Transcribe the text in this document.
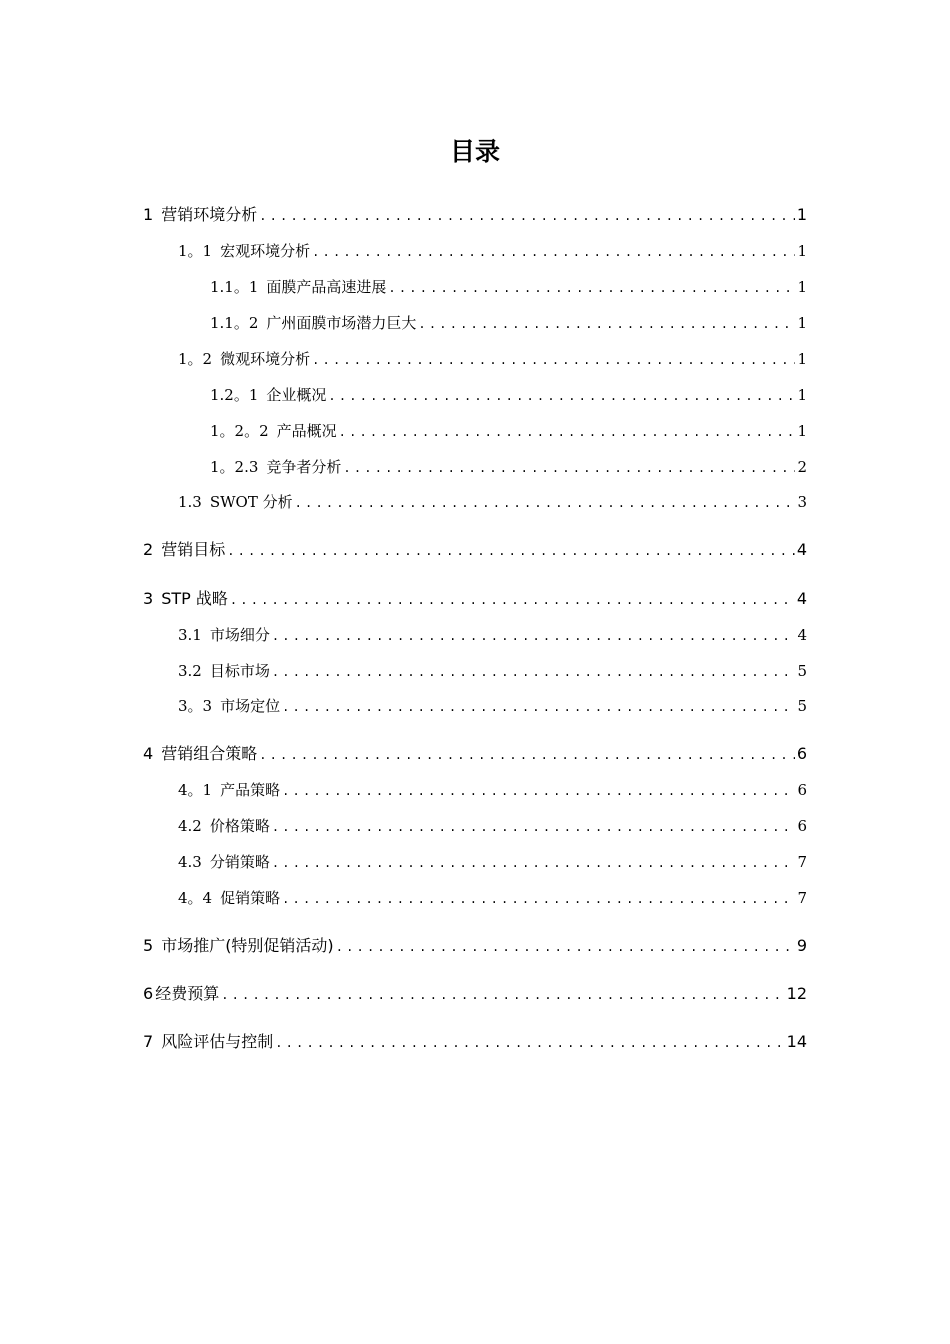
目录
1 营销环境分析 .....	1
1。1 宏观环境分析 .....	1
1.1。1 面膜产品高速进展 .....	1
1.1。2 广州面膜市场潜力巨大 .....	1
1。2 微观环境分析 .....	1
1.2。1 企业概况 .....	1
1。2。2 产品概况 .....	1
1。2.3 竞争者分析 .....	2
1.3 SWOT 分析 .....	3
2 营销目标 .....	4
3 STP 战略 .....	4
3.1 市场细分 .....	4
3.2 目标市场 .....	5
3。3 市场定位 .....	5
4 营销组合策略 .....	6
4。1 产品策略 .....	6
4.2 价格策略 .....	6
4.3 分销策略 .....	7
4。4 促销策略 .....	7
5 市场推广(特别促销活动) .....	9
6 经费预算 .....	12
7 风险评估与控制 .....	14
